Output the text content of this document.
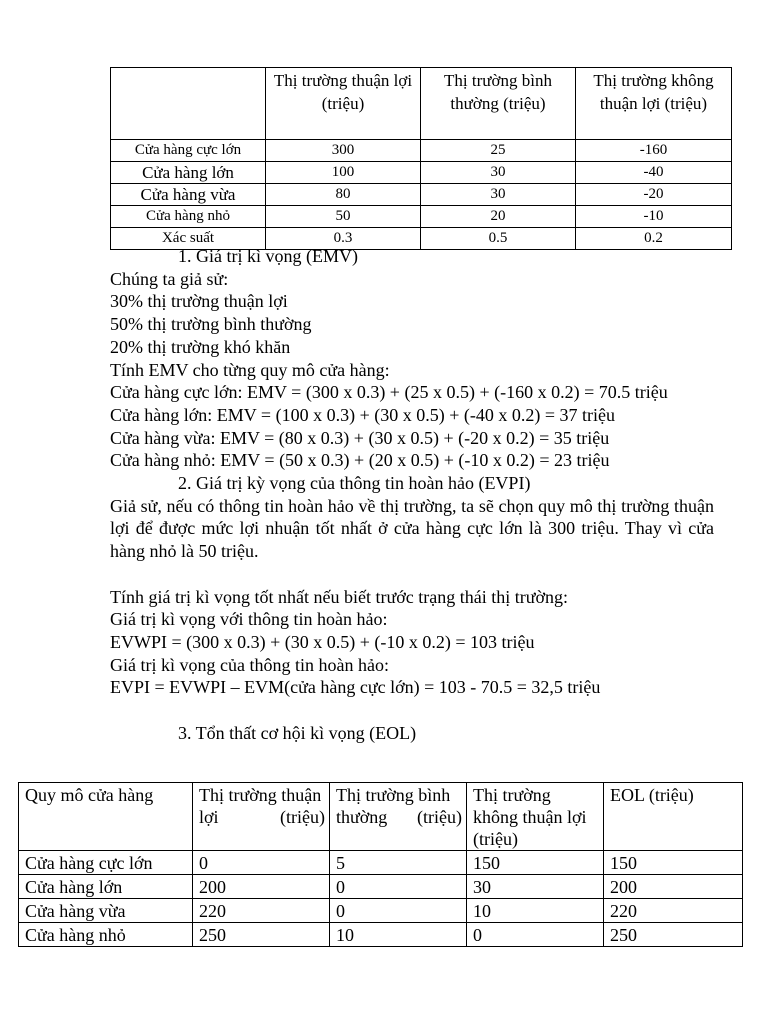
	Thị trường thuận lợi (triệu)	Thị trường bình thường (triệu)	Thị trường không thuận lợi (triệu)
Cửa hàng cực lớn	300	25	-160
Cửa hàng lớn	100	30	-40
Cửa hàng vừa	80	30	-20
Cửa hàng nhỏ	50	20	-10
Xác suất	0.3	0.5	0.2

1. Giá trị kì vọng (EMV)

Chúng ta giả sử:

30% thị trường thuận lợi

50% thị trường bình thường

20% thị trường khó khăn

Tính EMV cho từng quy mô cửa hàng:

Cửa hàng cực lớn: EMV = (300 x 0.3) + (25 x 0.5) + (-160 x 0.2) = 70.5 triệu

Cửa hàng lớn: EMV = (100 x 0.3) + (30 x 0.5) + (-40 x 0.2) = 37 triệu

Cửa hàng vừa: EMV = (80 x 0.3) + (30 x 0.5) + (-20 x 0.2) = 35 triệu

Cửa hàng nhỏ: EMV = (50 x 0.3) + (20 x 0.5) + (-10 x 0.2) = 23 triệu

2. Giá trị kỳ vọng của thông tin hoàn hảo (EVPI)

Giả sử, nếu có thông tin hoàn hảo về thị trường, ta sẽ chọn quy mô thị trường thuận lợi để được mức lợi nhuận tốt nhất ở cửa hàng cực lớn là 300 triệu. Thay vì cửa hàng nhỏ là 50 triệu.

Tính giá trị kì vọng tốt nhất nếu biết trước trạng thái thị trường:

Giá trị kì vọng với thông tin hoàn hảo:

EVWPI = (300 x 0.3) + (30 x 0.5) + (-10 x 0.2) = 103 triệu

Giá trị kì vọng của thông tin hoàn hảo:

EVPI = EVWPI – EVM(cửa hàng cực lớn) = 103 - 70.5 = 32,5 triệu

3. Tổn thất cơ hội kì vọng (EOL)

Quy mô cửa hàng	Thị trường thuận lợi (triệu)	Thị trường bình thường (triệu)	Thị trường không thuận lợi (triệu)	EOL (triệu)
Cửa hàng cực lớn	0	5	150	150
Cửa hàng lớn	200	0	30	200
Cửa hàng vừa	220	0	10	220
Cửa hàng nhỏ	250	10	0	250
